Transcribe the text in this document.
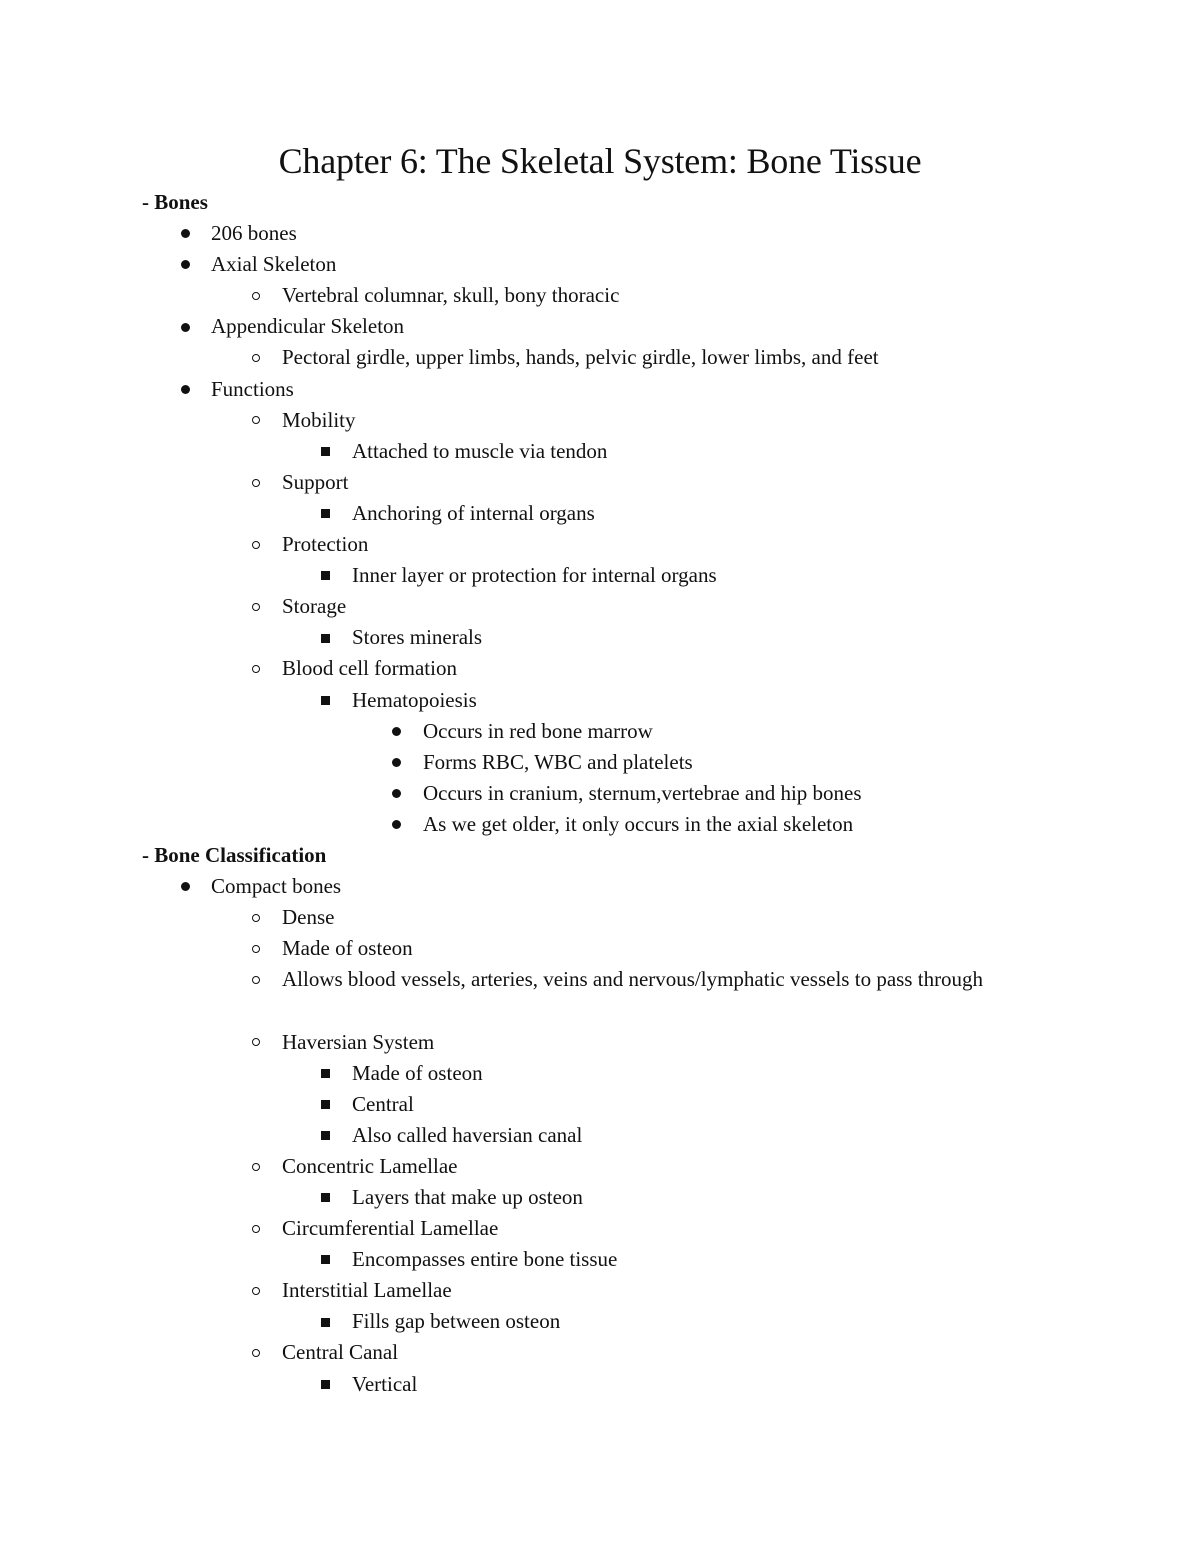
Chapter 6: The Skeletal System: Bone Tissue
- Bones
206 bones
Axial Skeleton
Vertebral columnar, skull, bony thoracic
Appendicular Skeleton
Pectoral girdle, upper limbs, hands, pelvic girdle, lower limbs, and feet
Functions
Mobility
Attached to muscle via tendon
Support
Anchoring of internal organs
Protection
Inner layer or protection for internal organs
Storage
Stores minerals
Blood cell formation
Hematopoiesis
Occurs in red bone marrow
Forms RBC, WBC and platelets
Occurs in cranium, sternum,vertebrae and hip bones
As we get older, it only occurs in the axial skeleton
- Bone Classification
Compact bones
Dense
Made of osteon
Allows blood vessels, arteries, veins and nervous/lymphatic vessels to pass through
Haversian System
Made of osteon
Central
Also called haversian canal
Concentric Lamellae
Layers that make up osteon
Circumferential Lamellae
Encompasses entire bone tissue
Interstitial Lamellae
Fills gap between osteon
Central Canal
Vertical
